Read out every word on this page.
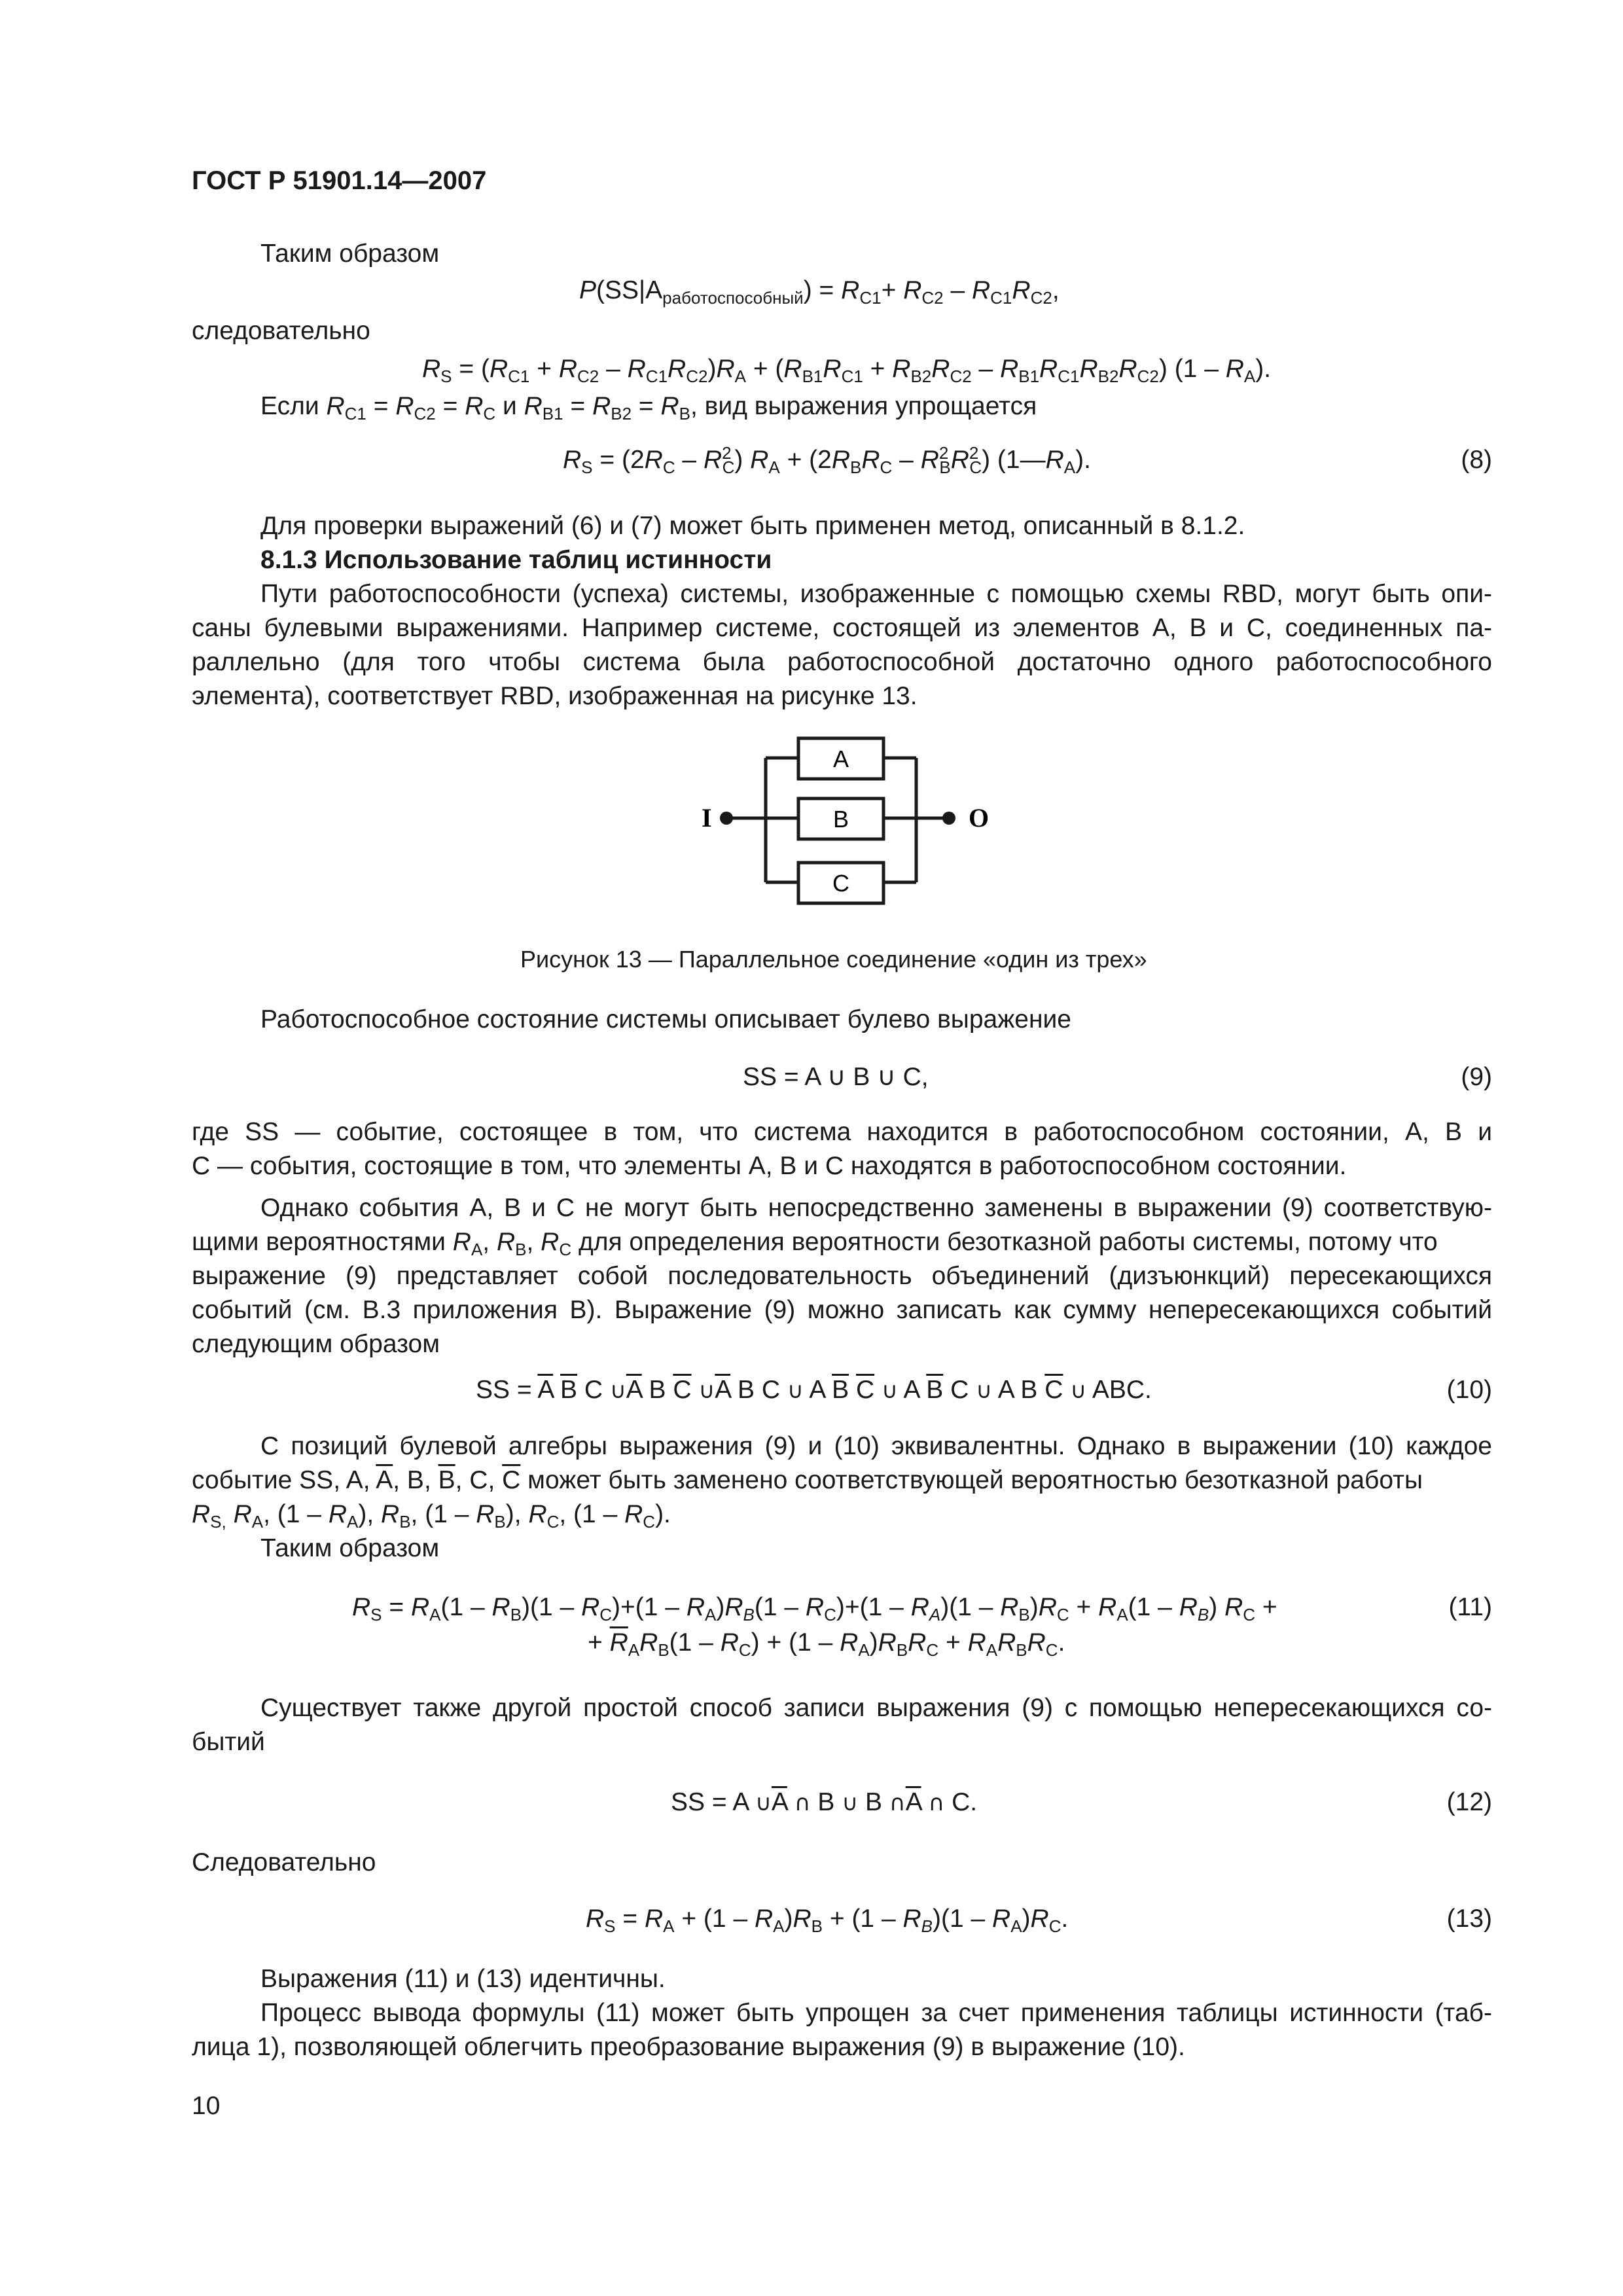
ГОСТ Р 51901.14—2007
Таким образом
$P(SS|A_{работоспособный}) = R_{C1}+ R_{C2} - R_{C1}R_{C2}$,
следовательно
$R_S = (R_{C1} + R_{C2} - R_{C1}R_{C2})R_A + (R_{B1}R_{C1} + R_{B2}R_{C2} - R_{B1}R_{C1}R_{B2}R_{C2})$ $(1 - R_A)$.
Если $R_{C1} = R_{C2} = R_C$ и $R_{B1} = R_{B2} = R_B$, вид выражения упрощается
$R_S = (2R_C - R^2_C) R_A + (2R_BR_C - R^2_BR^2_C)$ $(1—R_A)$.	(8)
Для проверки выражений (6) и (7) может быть применен метод, описанный в 8.1.2.
8.1.3 Использование таблиц истинности
Пути работоспособности (успеха) системы, изображенные с помощью схемы RBD, могут быть опи-
саны булевыми выражениями. Например системе, состоящей из элементов А, В и С, соединенных па-
раллельно (для того чтобы система была работоспособной достаточно одного работоспособного
элемента), соответствует RBD, изображенная на рисунке 13.
I	O
A
B
C
Рисунок 13 — Параллельное соединение «один из трех»
Работоспособное состояние системы описывает булево выражение
SS = A ∪ B ∪ C,	(9)
где SS — событие, состоящее в том, что система находится в работоспособном состоянии, А, В и
С — события, состоящие в том, что элементы А, В и С находятся в работоспособном состоянии.
Однако события А, В и С не могут быть непосредственно заменены в выражении (9) соответствую-
щими вероятностями $R_A$, $R_B$, $R_C$ для определения вероятности безотказной работы системы, потому что
выражение (9) представляет собой последовательность объединений (дизъюнкций) пересекающихся
событий (см. В.3 приложения В). Выражение (9) можно записать как сумму непересекающихся событий
следующим образом
SS = $\overline{A}$ $\overline{B}$ C $\cup\overline{A}$ B $\overline{C}$ $\cup\overline{A}$ B C ∪ A $\overline{B}$ $\overline{C}$ ∪ A $\overline{B}$ C ∪ A B $\overline{C}$ ∪ ABC.	(10)
С позиций булевой алгебры выражения (9) и (10) эквивалентны. Однако в выражении (10) каждое
событие SS, A, $\overline{A}$, B, $\overline{B}$, C, $\overline{C}$ может быть заменено соответствующей вероятностью безотказной работы
$R_{S,}$ $R_A$, $(1 - R_A)$, $R_B$, $(1 - R_B)$, $R_C$, $(1 - R_C)$.
Таким образом
$R_S = R_A(1 - R_B)(1 - R_C)+(1 - R_A)R_B(1 - R_C)+(1 - R_A)(1 - R_B)R_C + R_A(1 - R_B) R_C$ +	(11)
+ $\overline{R}_AR_B(1 - R_C) + (1 - R_A)R_BR_C + R_AR_BR_C$.
Существует также другой простой способ записи выражения (9) с помощью непересекающихся со-
бытий
SS = A $\cup\overline{A}$ ∩ B ∪ B $\cap\overline{A}$ ∩ C.	(12)
Следовательно
$R_S = R_A + (1 - R_A)R_B + (1 - R_B)(1 - R_A)R_C$.	(13)
Выражения (11) и (13) идентичны.
Процесс вывода формулы (11) может быть упрощен за счет применения таблицы истинности (таб-
лица 1), позволяющей облегчить преобразование выражения (9) в выражение (10).
10
